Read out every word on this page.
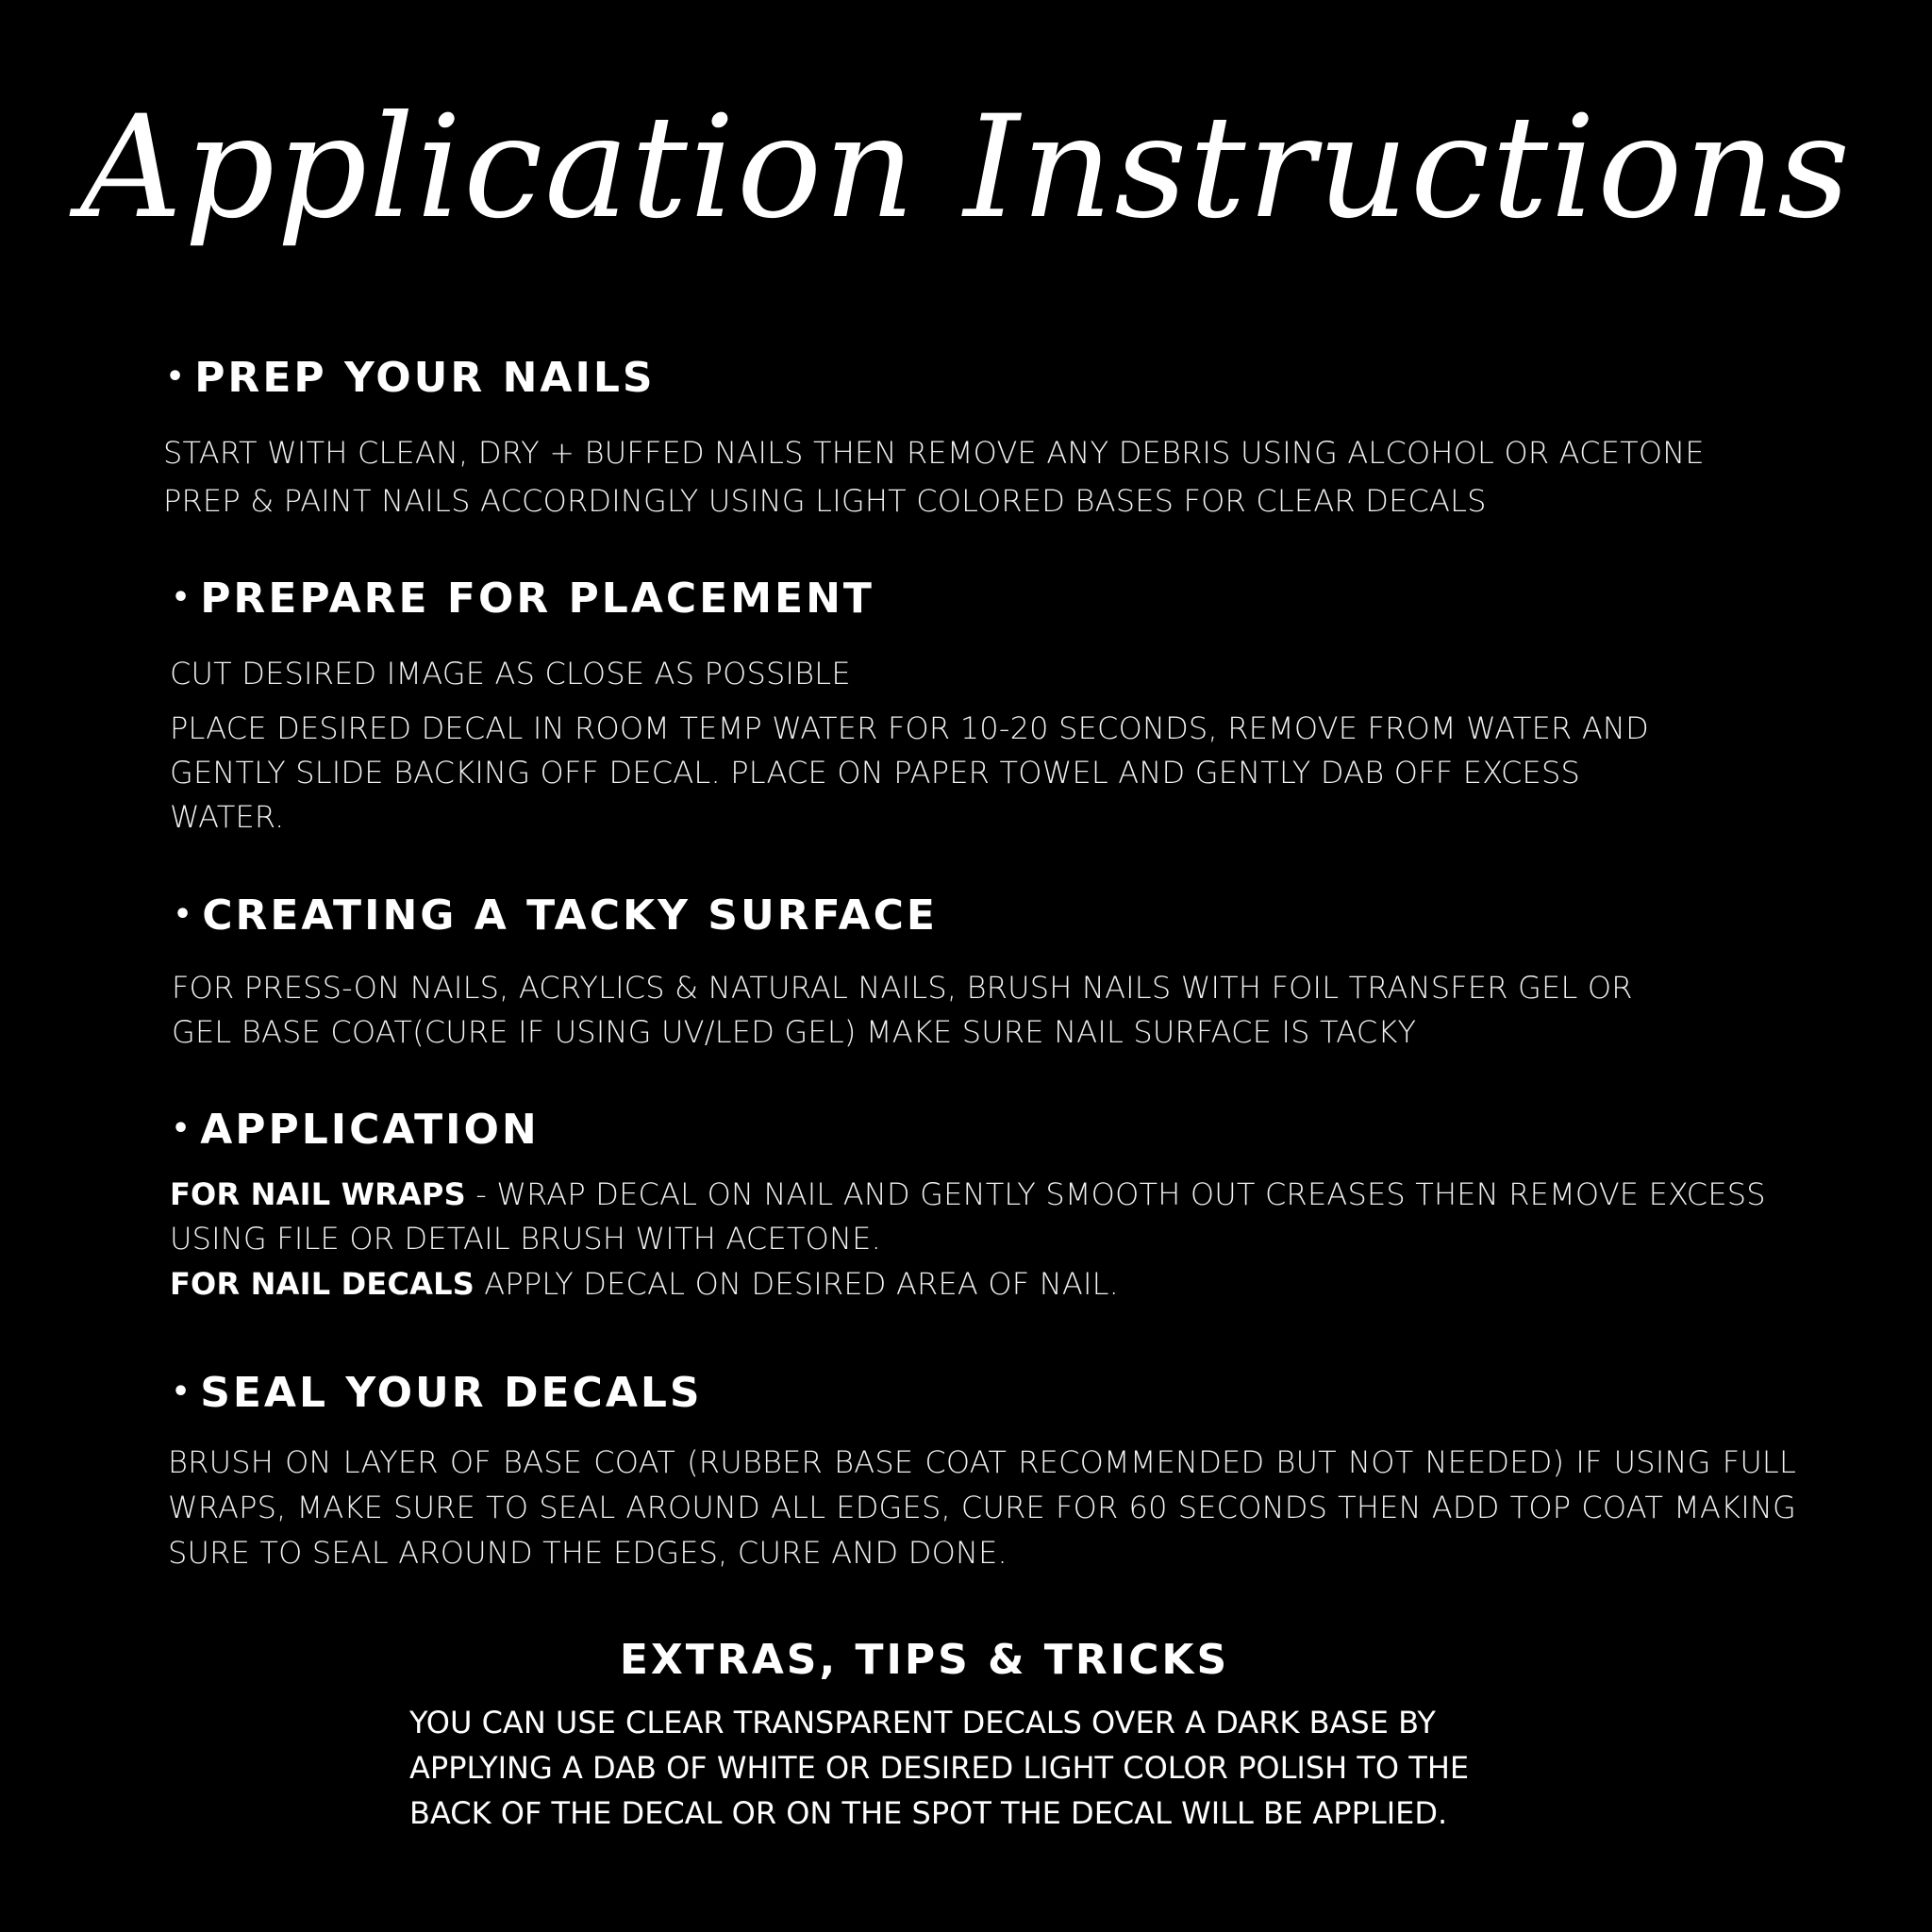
Application Instructions
• PREP YOUR NAILS

START WITH CLEAN, DRY + BUFFED NAILS THEN REMOVE ANY DEBRIS USING ALCOHOL OR ACETONE

PREP & PAINT NAILS ACCORDINGLY USING LIGHT COLORED BASES FOR CLEAR DECALS

• PREPARE FOR PLACEMENT

CUT DESIRED IMAGE AS CLOSE AS POSSIBLE

PLACE DESIRED DECAL IN ROOM TEMP WATER FOR 10-20 SECONDS, REMOVE FROM WATER AND

GENTLY SLIDE BACKING OFF DECAL. PLACE ON PAPER TOWEL AND GENTLY DAB OFF EXCESS

WATER.

• CREATING A TACKY SURFACE

FOR PRESS-ON NAILS, ACRYLICS & NATURAL NAILS, BRUSH NAILS WITH FOIL TRANSFER GEL OR

GEL BASE COAT(CURE IF USING UV/LED GEL) MAKE SURE NAIL SURFACE IS TACKY

• APPLICATION

FOR NAIL WRAPS - WRAP DECAL ON NAIL AND GENTLY SMOOTH OUT CREASES THEN REMOVE EXCESS

USING FILE OR DETAIL BRUSH WITH ACETONE.

FOR NAIL DECALS APPLY DECAL ON DESIRED AREA OF NAIL.

• SEAL YOUR DECALS

BRUSH ON LAYER OF BASE COAT (RUBBER BASE COAT RECOMMENDED BUT NOT NEEDED) IF USING FULL WRAPS, MAKE SURE TO SEAL AROUND ALL EDGES, CURE FOR 60 SECONDS THEN ADD TOP COAT MAKING SURE TO SEAL AROUND THE EDGES, CURE AND DONE.

EXTRAS, TIPS & TRICKS
YOU CAN USE CLEAR TRANSPARENT DECALS OVER A DARK BASE BY
APPLYING A DAB OF WHITE OR DESIRED LIGHT COLOR POLISH TO THE
BACK OF THE DECAL OR ON THE SPOT THE DECAL WILL BE APPLIED.
